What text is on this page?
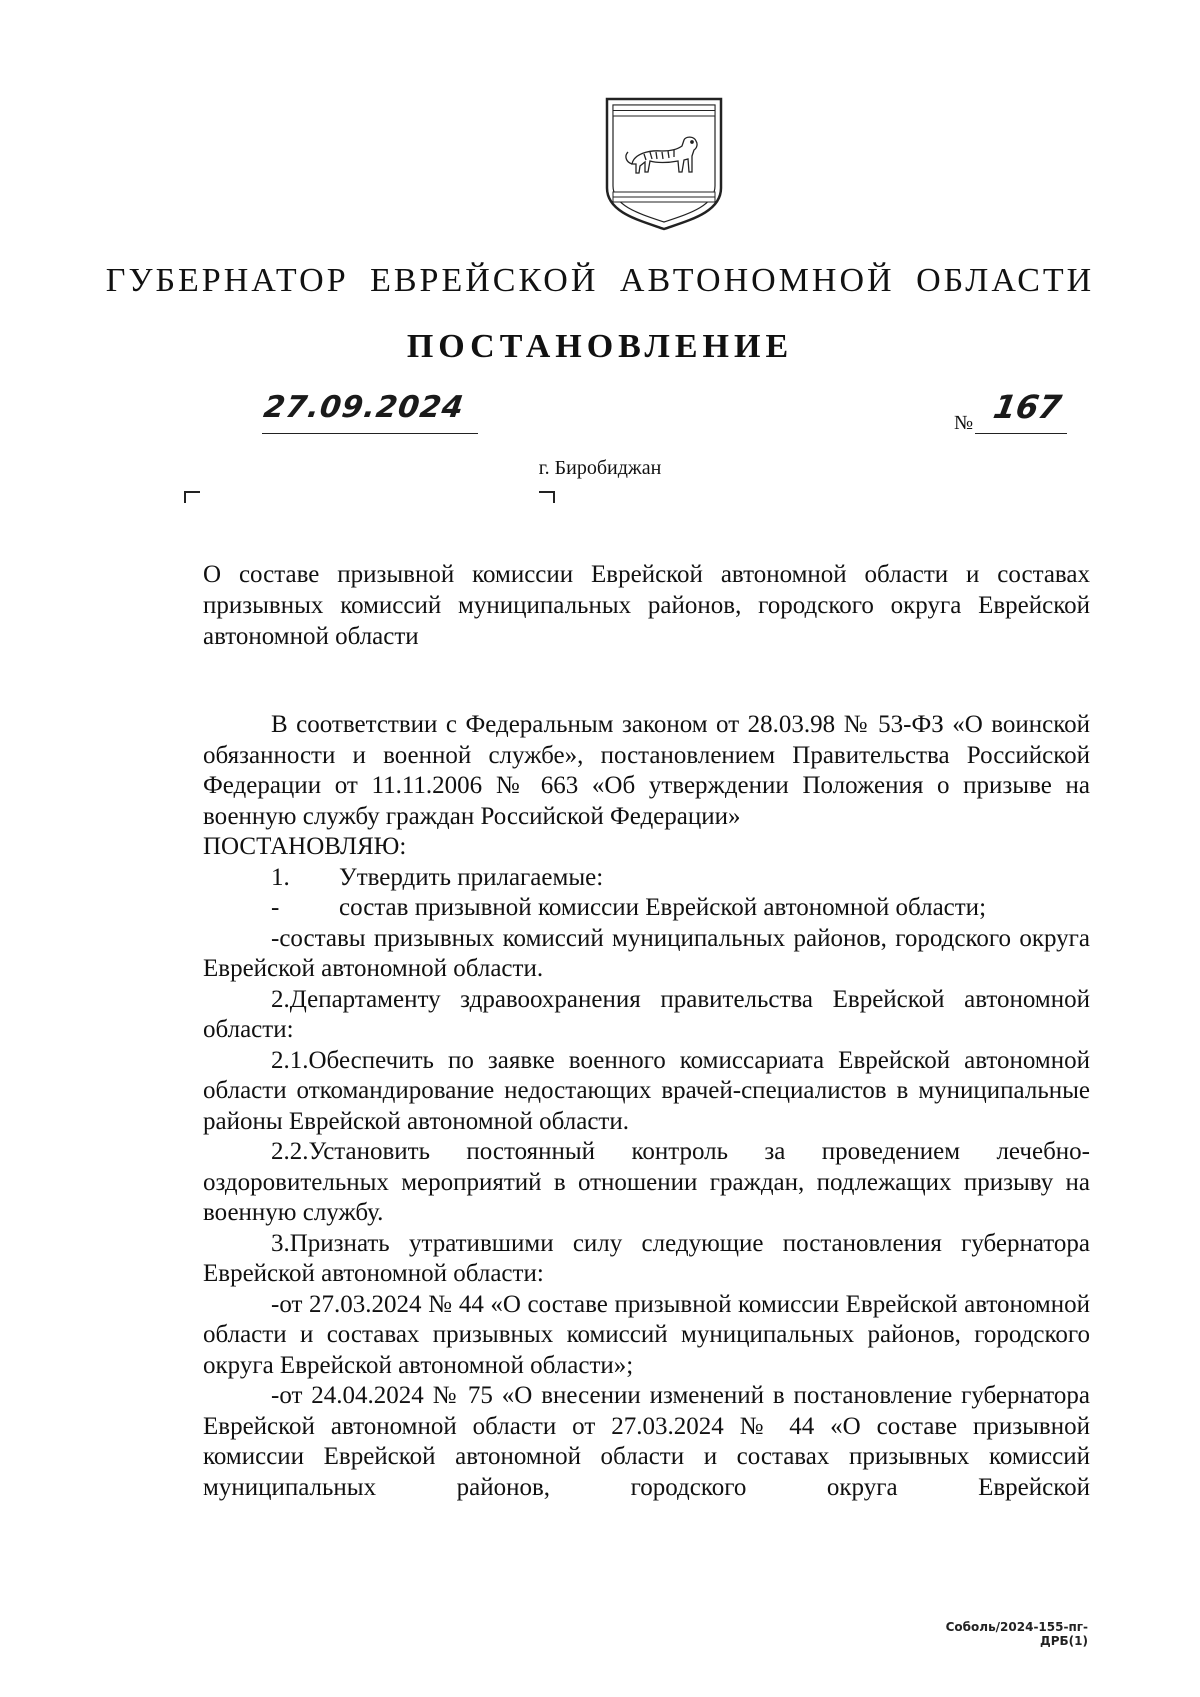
ГУБЕРНАТОР ЕВРЕЙСКОЙ АВТОНОМНОЙ ОБЛАСТИ
ПОСТАНОВЛЕНИЕ
27.09.2024	№ 167
г. Биробиджан
О составе призывной комиссии Еврейской автономной области и составах призывных комиссий муниципальных районов, городского округа Еврейской автономной области

В соответствии с Федеральным законом от 28.03.98 № 53-ФЗ «О воинской обязанности и военной службе», постановлением Правительства Российской Федерации от 11.11.2006 № 663 «Об утверждении Положения о призыве на военную службу граждан Российской Федерации»

ПОСТАНОВЛЯЮ:

1. Утвердить прилагаемые:

- состав призывной комиссии Еврейской автономной области;

-составы призывных комиссий муниципальных районов, городского округа Еврейской автономной области.

2.Департаменту здравоохранения правительства Еврейской автономной области:

2.1.Обеспечить по заявке военного комиссариата Еврейской автономной области откомандирование недостающих врачей-специалистов в муниципальные районы Еврейской автономной области.

2.2.Установить постоянный контроль за проведением лечебно-оздоровительных мероприятий в отношении граждан, подлежащих призыву на военную службу.

3.Признать утратившими силу следующие постановления губернатора Еврейской автономной области:

-от 27.03.2024 № 44 «О составе призывной комиссии Еврейской автономной области и составах призывных комиссий муниципальных районов, городского округа Еврейской автономной области»;

-от 24.04.2024 № 75 «О внесении изменений в постановление губернатора Еврейской автономной области от 27.03.2024 № 44 «О составе призывной комиссии Еврейской автономной области и составах призывных комиссий муниципальных районов, городского округа Еврейской

Соболь/2024-155-пг-ДРБ(1)
